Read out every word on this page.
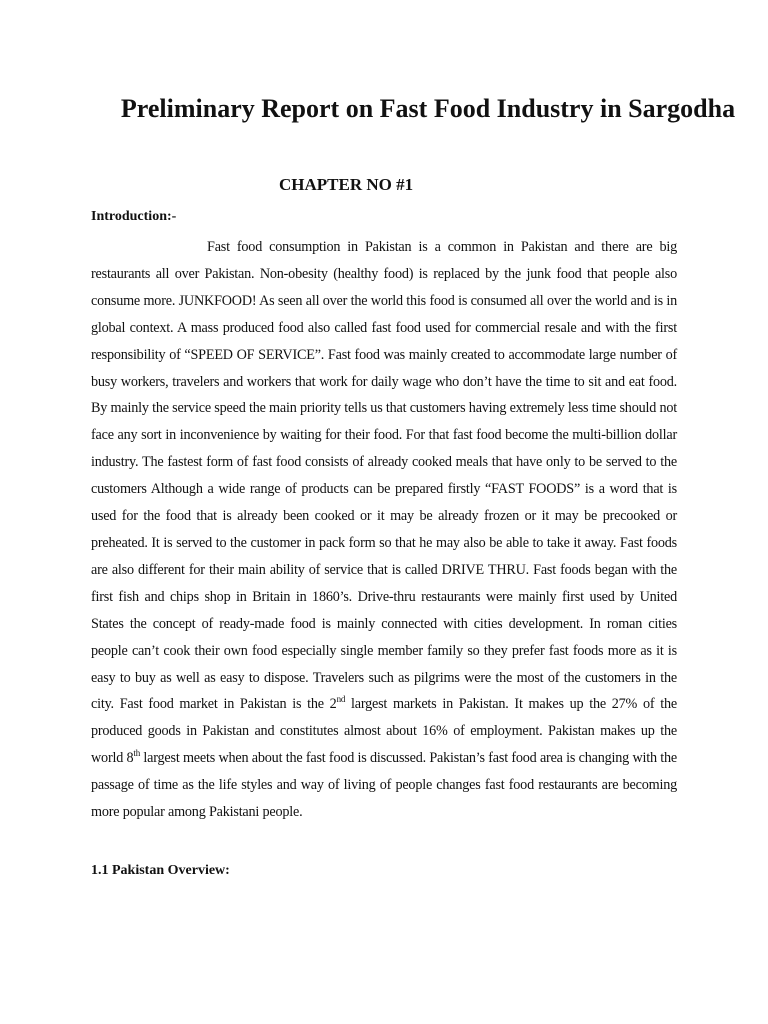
Preliminary Report on Fast Food Industry in Sargodha
CHAPTER NO #1
Introduction:-

Fast food consumption in Pakistan is a common in Pakistan and there are big restaurants all over Pakistan. Non-obesity (healthy food) is replaced by the junk food that people also consume more. JUNKFOOD! As seen all over the world this food is consumed all over the world and is in global context. A mass produced food also called fast food used for commercial resale and with the first responsibility of “SPEED OF SERVICE”. Fast food was mainly created to accommodate large number of busy workers, travelers and workers that work for daily wage who don’t have the time to sit and eat food. By mainly the service speed the main priority tells us that customers having extremely less time should not face any sort in inconvenience by waiting for their food. For that fast food become the multi-billion dollar industry. The fastest form of fast food consists of already cooked meals that have only to be served to the customers Although a wide range of products can be prepared firstly “FAST FOODS” is a word that is used for the food that is already been cooked or it may be already frozen or it may be precooked or preheated. It is served to the customer in pack form so that he may also be able to take it away. Fast foods are also different for their main ability of service that is called DRIVE THRU. Fast foods began with the first fish and chips shop in Britain in 1860’s. Drive-thru restaurants were mainly first used by United States the concept of ready-made food is mainly connected with cities development. In roman cities people can’t cook their own food especially single member family so they prefer fast foods more as it is easy to buy as well as easy to dispose. Travelers such as pilgrims were the most of the customers in the city. Fast food market in Pakistan is the 2nd largest markets in Pakistan. It makes up the 27% of the produced goods in Pakistan and constitutes almost about 16% of employment. Pakistan makes up the world 8th largest meets when about the fast food is discussed. Pakistan’s fast food area is changing with the passage of time as the life styles and way of living of people changes fast food restaurants are becoming more popular among Pakistani people.

1.1 Pakistan Overview:
